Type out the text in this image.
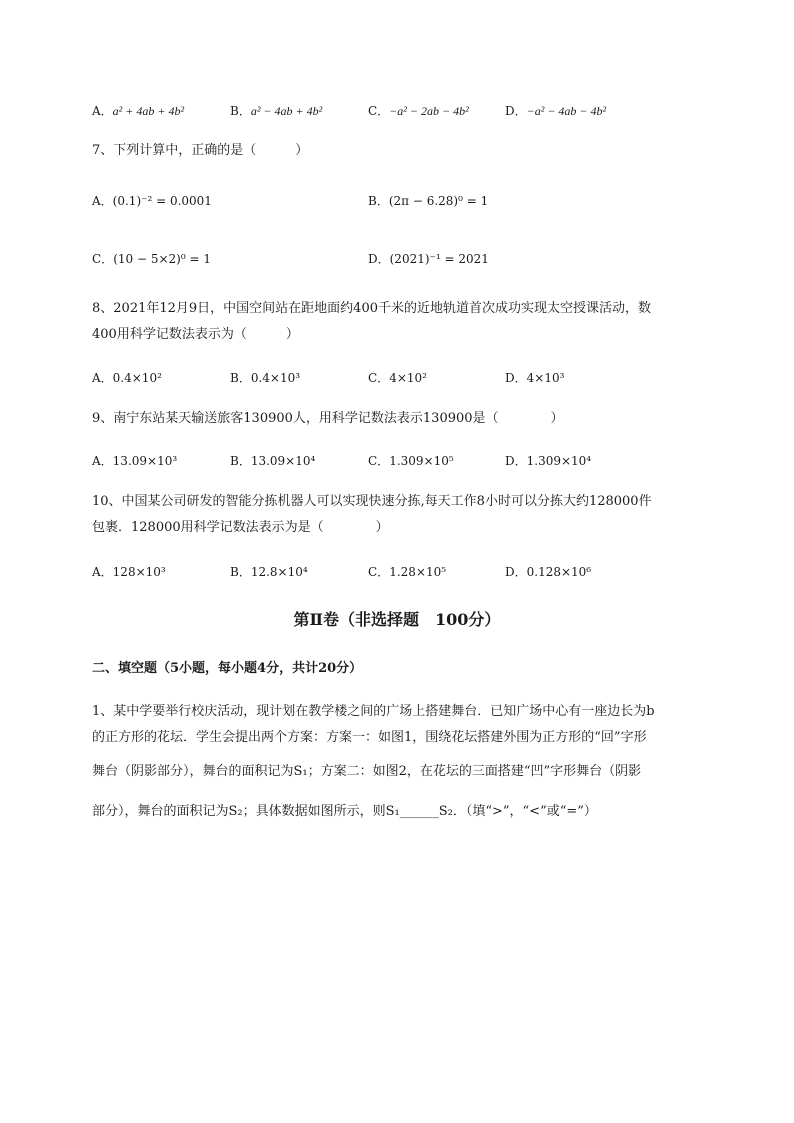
A．a² + 4ab + 4b²	B．a² − 4ab + 4b²	C．−a² − 2ab − 4b²	D．−a² − 4ab − 4b²
7、下列计算中，正确的是（　　　）
A．(0.1)⁻² = 0.0001	B．(2π − 6.28)⁰ = 1
C．(10 − 5×2)⁰ = 1	D．(2021)⁻¹ = 2021
8、2021年12月9日，中国空间站在距地面约400千米的近地轨道首次成功实现太空授课活动，数
400用科学记数法表示为（　　　）
A．0.4×10²	B．0.4×10³	C．4×10²	D．4×10³
9、南宁东站某天输送旅客130900人，用科学记数法表示130900是（　　　　）
A．13.09×10³	B．13.09×10⁴	C．1.309×10⁵	D．1.309×10⁴
10、中国某公司研发的智能分拣机器人可以实现快速分拣,每天工作8小时可以分拣大约128000件
包裹．128000用科学记数法表示为是（　　　　）
A．128×10³	B．12.8×10⁴	C．1.28×10⁵	D．0.128×10⁶
第Ⅱ卷（非选择题　100分）
二、填空题（5小题，每小题4分，共计20分）
1、某中学要举行校庆活动，现计划在教学楼之间的广场上搭建舞台．已知广场中心有一座边长为b
的正方形的花坛．学生会提出两个方案：方案一：如图1，围绕花坛搭建外围为正方形的“回”字形
舞台（阴影部分），舞台的面积记为S₁；方案二：如图2，在花坛的三面搭建“凹”字形舞台（阴影
部分），舞台的面积记为S₂；具体数据如图所示，则S₁______S₂．（填“>”，“<”或“=”）
